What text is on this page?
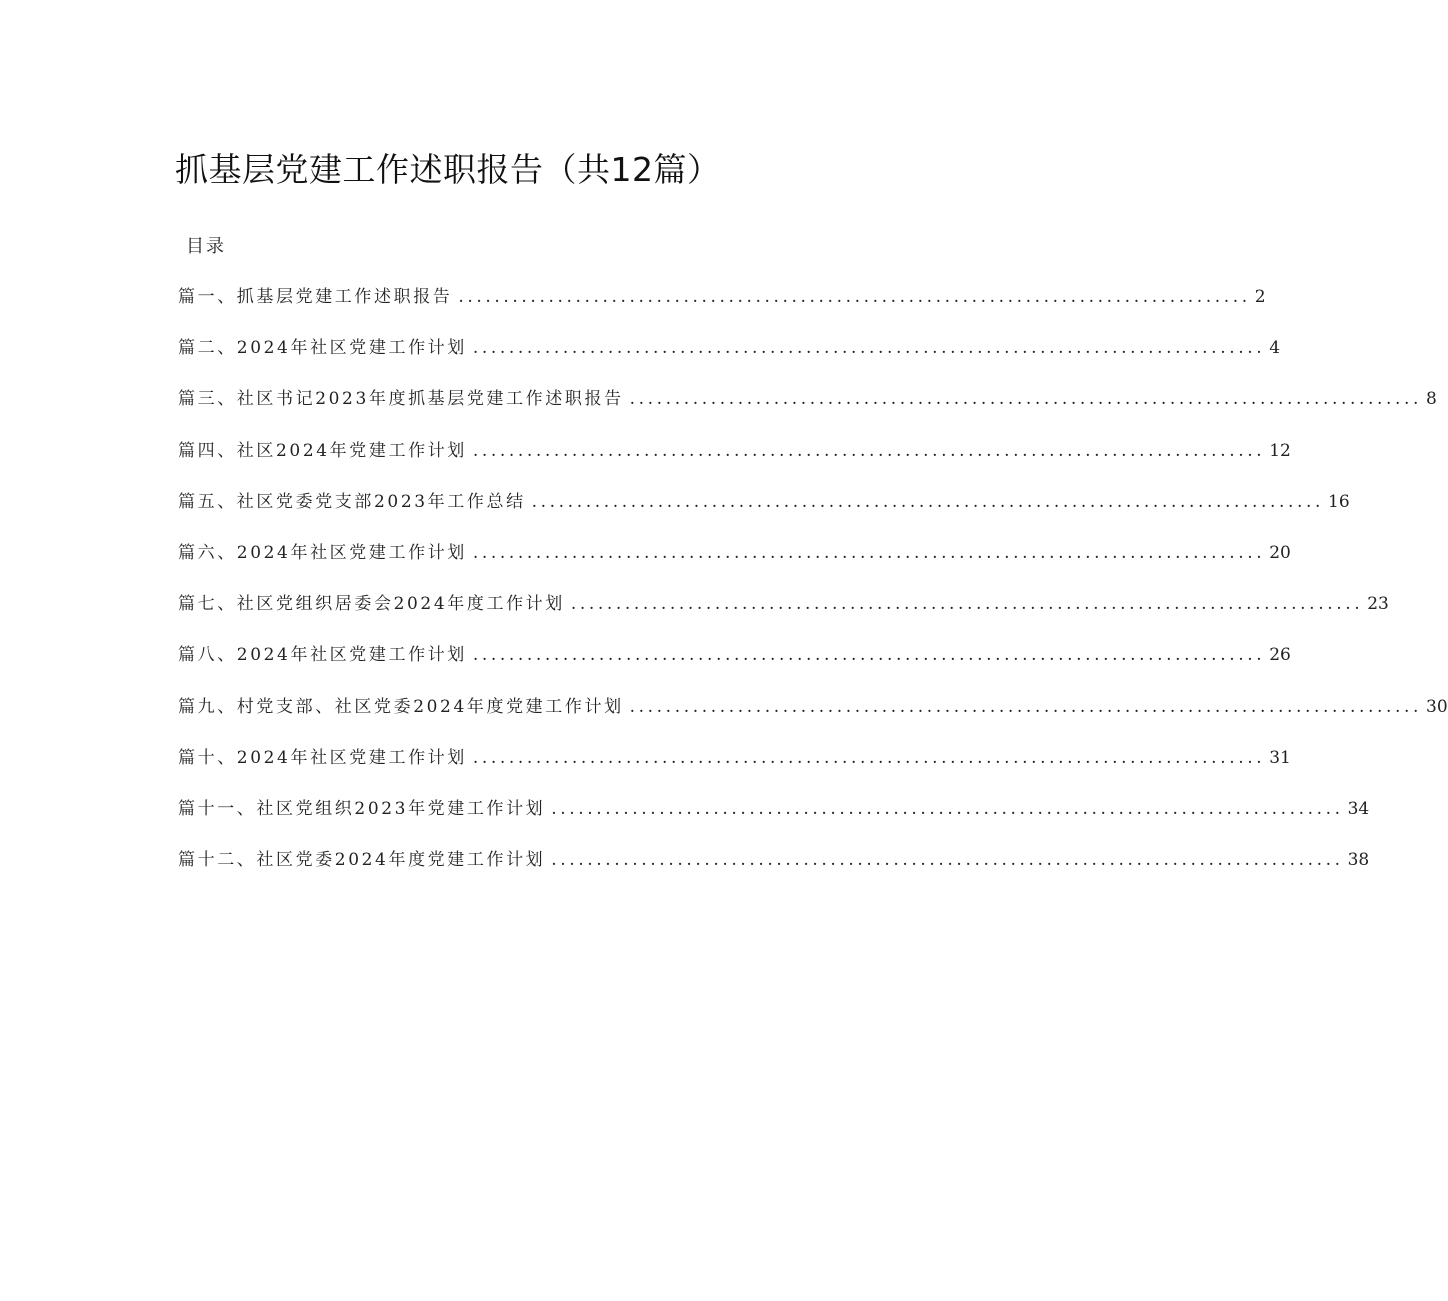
抓基层党建工作述职报告（共12篇）
目录
篇一、抓基层党建工作述职报告 ........................................................................................ 2
篇二、2024年社区党建工作计划 ........................................................................................ 4
篇三、社区书记2023年度抓基层党建工作述职报告 ........................................................................................ 8
篇四、社区2024年党建工作计划 ........................................................................................ 12
篇五、社区党委党支部2023年工作总结 ........................................................................................ 16
篇六、2024年社区党建工作计划 ........................................................................................ 20
篇七、社区党组织居委会2024年度工作计划 ........................................................................................ 23
篇八、2024年社区党建工作计划 ........................................................................................ 26
篇九、村党支部、社区党委2024年度党建工作计划 ........................................................................................ 30
篇十、2024年社区党建工作计划 ........................................................................................ 31
篇十一、社区党组织2023年党建工作计划 ........................................................................................ 34
篇十二、社区党委2024年度党建工作计划 ........................................................................................ 38
